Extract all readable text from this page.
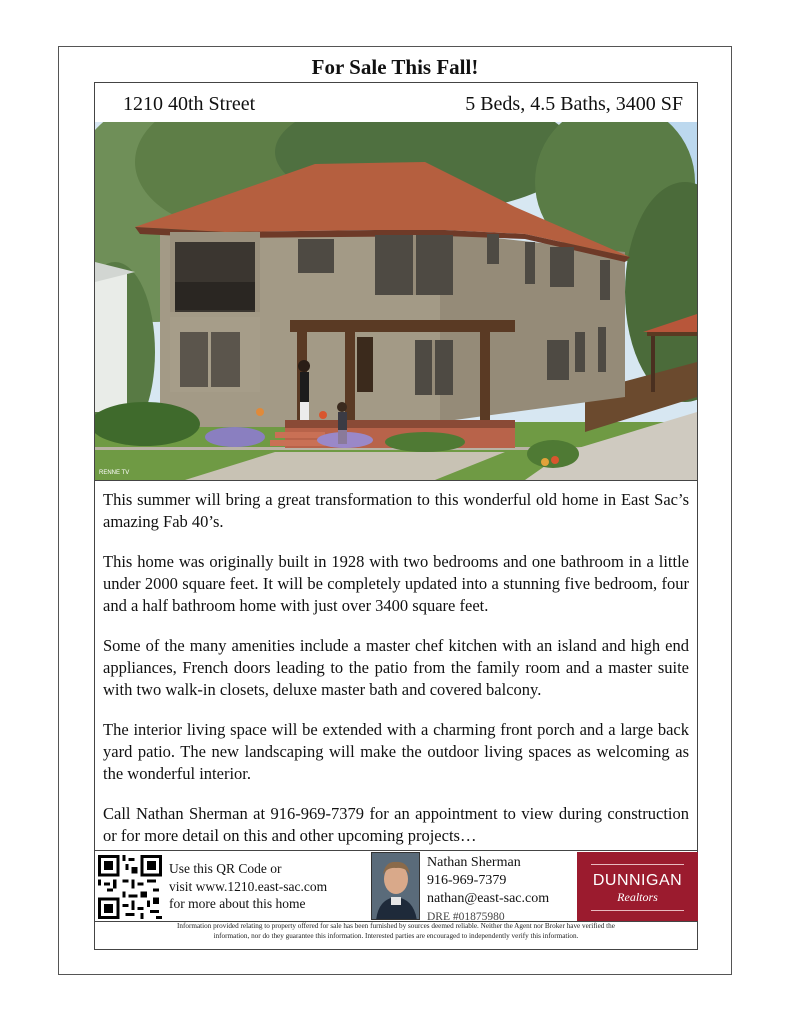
For Sale This Fall!
1210 40th Street	5 Beds, 4.5 Baths, 3400 SF
RENNE TV

This summer will bring a great transformation to this wonderful old home in East Sac’s amazing Fab 40’s.

This home was originally built in 1928 with two bedrooms and one bathroom in a little under 2000 square feet. It will be completely updated into a stunning five bedroom, four and a half bathroom home with just over 3400 square feet.

Some of the many amenities include a master chef kitchen with an island and high end appliances, French doors leading to the patio from the family room and a master suite with two walk-in closets, deluxe master bath and covered balcony.

The interior living space will be extended with a charming front porch and a large back yard patio. The new landscaping will make the outdoor living spaces as welcoming as the wonderful interior.

Call Nathan Sherman at 916-969-7379 for an appointment to view during construction or for more detail on this and other upcoming projects…

Use this QR Code or
visit www.1210.east-sac.com
for more about this home
Nathan Sherman
916-969-7379
nathan@east-sac.com
DRE #01875980
DUNNIGAN
Realtors
Information provided relating to property offered for sale has been furnished by sources deemed reliable. Neither the Agent nor Broker have verified the
information, nor do they guarantee this information. Interested parties are encouraged to independently verify this information.
